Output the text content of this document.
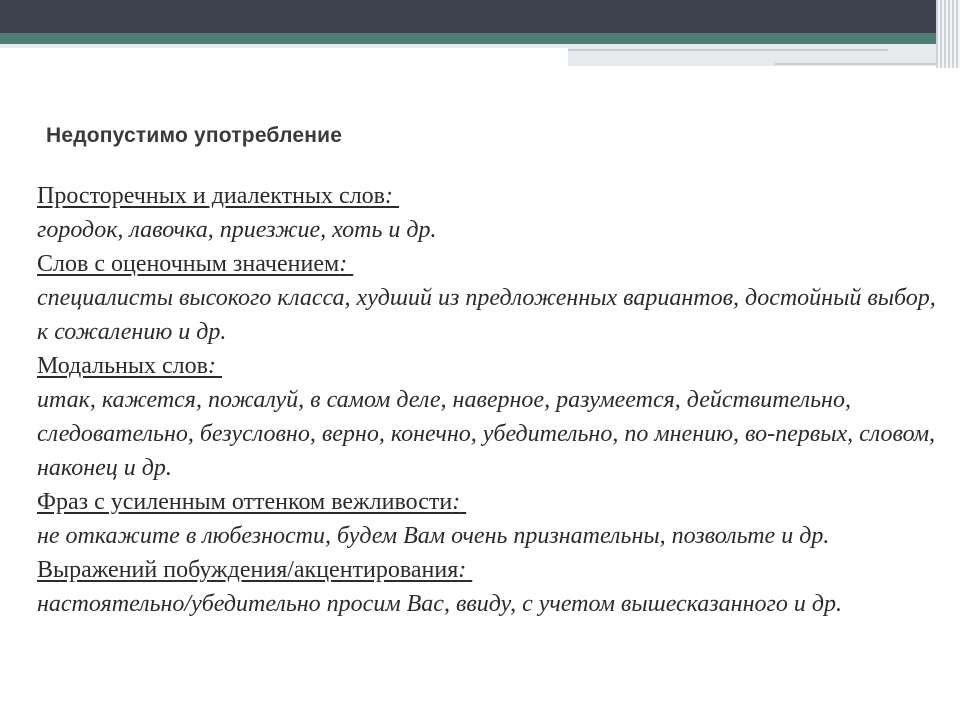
Недопустимо употребление

Просторечных и диалектных слов:

городок, лавочка, приезжие, хоть и др.

Слов с оценочным значением:

специалисты высокого класса, худший из предложенных вариантов, достойный выбор, к сожалению и др.

Модальных слов:

итак, кажется, пожалуй, в самом деле, наверное, разумеется, действительно, следовательно, безусловно, верно, конечно, убедительно, по мнению, во-первых, словом, наконец и др.

Фраз с усиленным оттенком вежливости:

не откажите в любезности, будем Вам очень признательны, позвольте и др.

Выражений побуждения/акцентирования:

настоятельно/убедительно просим Вас, ввиду, с учетом вышесказанного и др.
